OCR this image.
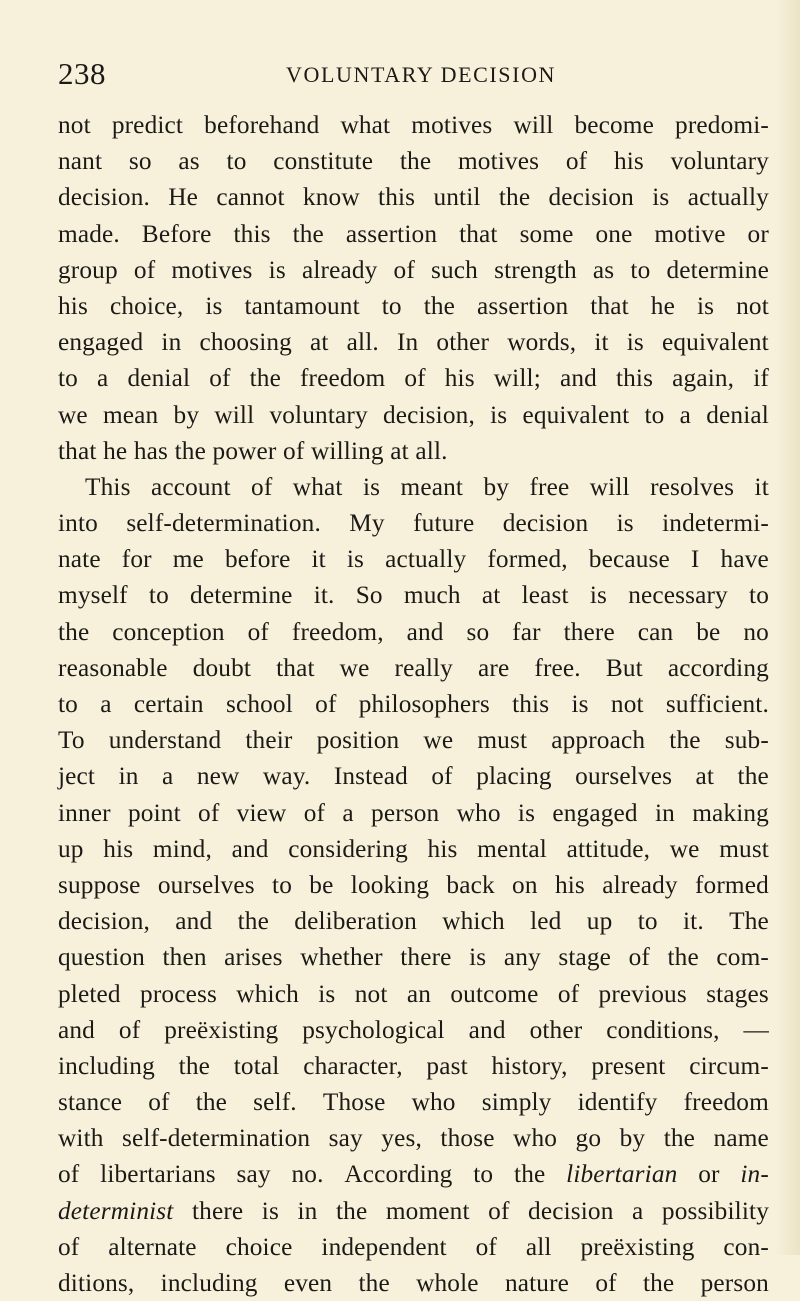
238	VOLUNTARY DECISION
not predict beforehand what motives will become predomi-
nant so as to constitute the motives of his voluntary
decision. He cannot know this until the decision is actually
made. Before this the assertion that some one motive or
group of motives is already of such strength as to determine
his choice, is tantamount to the assertion that he is not
engaged in choosing at all. In other words, it is equivalent
to a denial of the freedom of his will; and this again, if
we mean by will voluntary decision, is equivalent to a denial
that he has the power of willing at all.
This account of what is meant by free will resolves it
into self-determination. My future decision is indetermi-
nate for me before it is actually formed, because I have
myself to determine it. So much at least is necessary to
the conception of freedom, and so far there can be no
reasonable doubt that we really are free. But according
to a certain school of philosophers this is not sufficient.
To understand their position we must approach the sub-
ject in a new way. Instead of placing ourselves at the
inner point of view of a person who is engaged in making
up his mind, and considering his mental attitude, we must
suppose ourselves to be looking back on his already formed
decision, and the deliberation which led up to it. The
question then arises whether there is any stage of the com-
pleted process which is not an outcome of previous stages
and of preëxisting psychological and other conditions, —
including the total character, past history, present circum-
stance of the self. Those who simply identify freedom
with self-determination say yes, those who go by the name
of libertarians say no. According to the libertarian or in-
determinist there is in the moment of decision a possibility
of alternate choice independent of all preëxisting con-
ditions, including even the whole nature of the person
